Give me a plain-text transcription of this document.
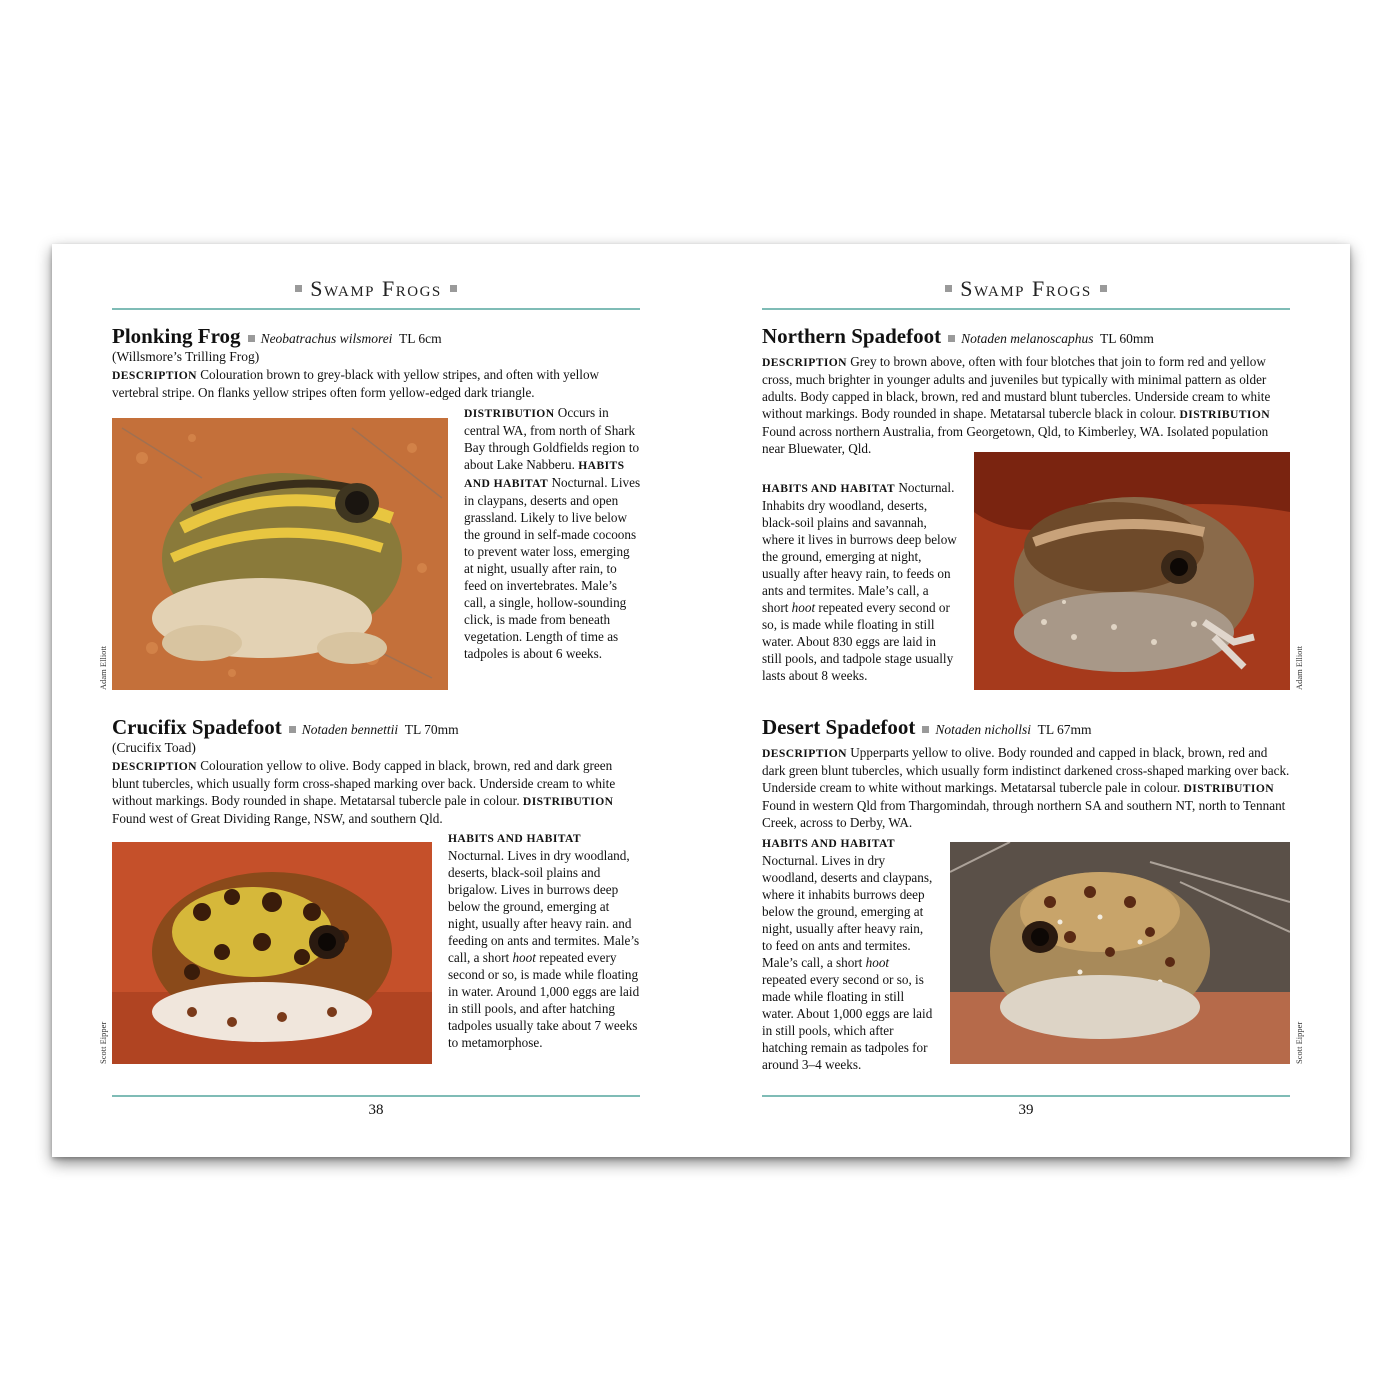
Swamp Frogs
Plonking Frog Neobatrachus wilsmorei TL 6cm
(Willsmore’s Trilling Frog)

DESCRIPTION Colouration brown to grey-black with yellow stripes, and often with yellow vertebral stripe. On flanks yellow stripes often form yellow-edged dark triangle.

Adam Elliott
DISTRIBUTION Occurs in central WA, from north of Shark Bay through Goldfields region to about Lake Nabberu. HABITS AND HABITAT Nocturnal. Lives in claypans, deserts and open grassland. Likely to live below the ground in self-made cocoons to prevent water loss, emerging at night, usually after rain, to feed on invertebrates. Male’s call, a single, hollow-sounding click, is made from beneath vegetation. Length of time as tadpoles is about 6 weeks.
Crucifix Spadefoot Notaden bennettii TL 70mm
(Crucifix Toad)

DESCRIPTION Colouration yellow to olive. Body capped in black, brown, red and dark green blunt tubercles, which usually form cross-shaped marking over back. Underside cream to white without markings. Body rounded in shape. Metatarsal tubercle pale in colour. DISTRIBUTION Found west of Great Dividing Range, NSW, and southern Qld.

Scott Eipper
HABITS AND HABITAT
Nocturnal. Lives in dry woodland, deserts, black-soil plains and brigalow. Lives in burrows deep below the ground, emerging at night, usually after heavy rain. and feeding on ants and termites. Male’s call, a short hoot repeated every second or so, is made while floating in water. Around 1,000 eggs are laid in still pools, and after hatching tadpoles usually take about 7 weeks to metamorphose.
38
Swamp Frogs
Northern Spadefoot Notaden melanoscaphus TL 60mm

DESCRIPTION Grey to brown above, often with four blotches that join to form red and yellow cross, much brighter in younger adults and juveniles but typically with minimal pattern as older adults. Body capped in black, brown, red and mustard blunt tubercles. Underside cream to white without markings. Body rounded in shape. Metatarsal tubercle black in colour. DISTRIBUTION Found across northern Australia, from Georgetown, Qld, to Kimberley, WA. Isolated population near Bluewater, Qld.

HABITS AND HABITAT Nocturnal. Inhabits dry woodland, deserts, black-soil plains and savannah, where it lives in burrows deep below the ground, emerging at night, usually after heavy rain, to feeds on ants and termites. Male’s call, a short hoot repeated every second or so, is made while floating in still water. About 830 eggs are laid in still pools, and tadpole stage usually lasts about 8 weeks.	Adam Elliott
Desert Spadefoot Notaden nichollsi TL 67mm

DESCRIPTION Upperparts yellow to olive. Body rounded and capped in black, brown, red and dark green blunt tubercles, which usually form indistinct darkened cross-shaped marking over back. Underside cream to white without markings. Metatarsal tubercle pale in colour. DISTRIBUTION Found in western Qld from Thargomindah, through northern SA and southern NT, north to Tennant Creek, across to Derby, WA.

HABITS AND HABITAT Nocturnal. Lives in dry woodland, deserts and claypans, where it inhabits burrows deep below the ground, emerging at night, usually after heavy rain, to feed on ants and termites. Male’s call, a short hoot repeated every second or so, is made while floating in still water. About 1,000 eggs are laid in still pools, which after hatching remain as tadpoles for around 3–4 weeks.
Scott Eipper
39
